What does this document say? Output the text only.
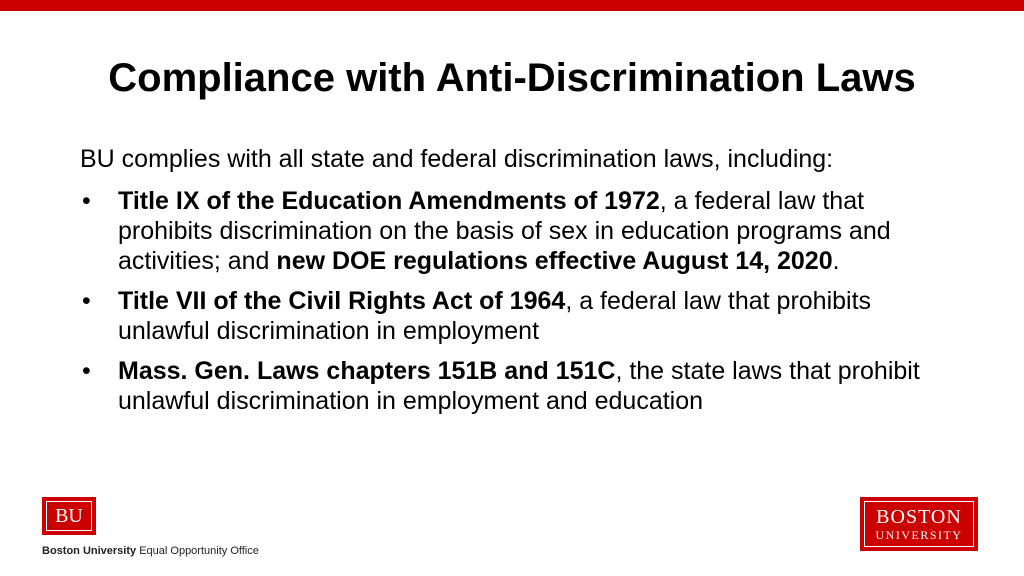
Compliance with Anti-Discrimination Laws

BU complies with all state and federal discrimination laws, including:

• Title IX of the Education Amendments of 1972, a federal law that prohibits discrimination on the basis of sex in education programs and activities; and new DOE regulations effective August 14, 2020.
• Title VII of the Civil Rights Act of 1964, a federal law that prohibits unlawful discrimination in employment
• Mass. Gen. Laws chapters 151B and 151C, the state laws that prohibit unlawful discrimination in employment and education
BU
Boston University Equal Opportunity Office
BOSTON
UNIVERSITY
